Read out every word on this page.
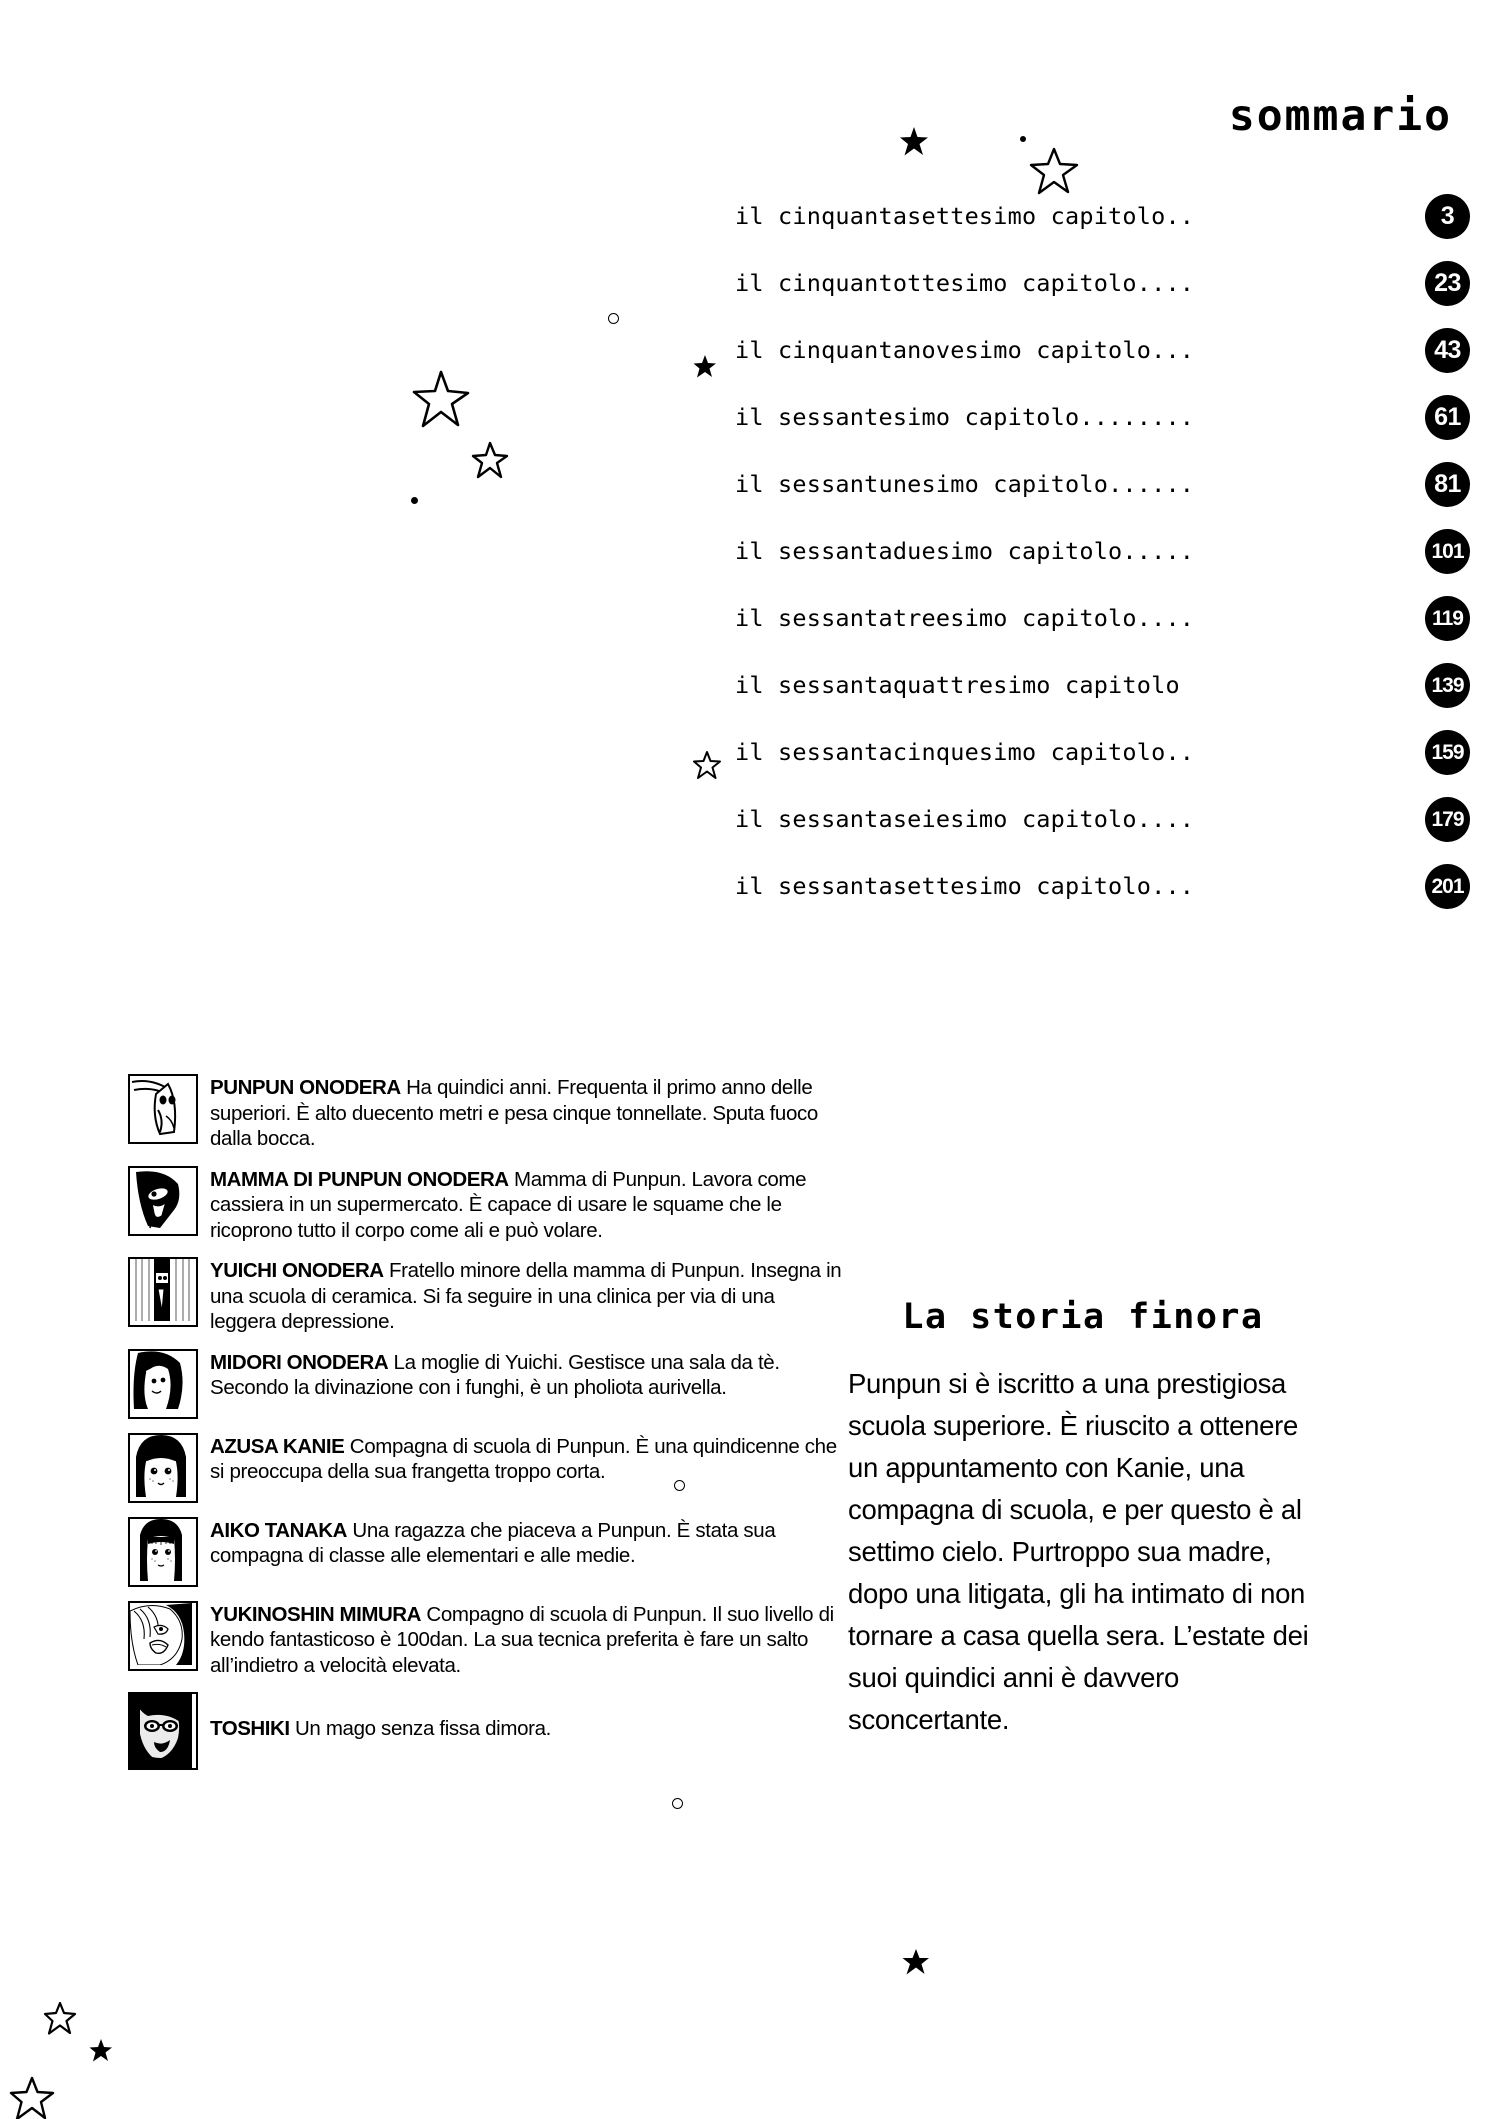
sommario
il cinquantasettesimo capitolo ..	3
il cinquantottesimo capitolo ....	23
il cinquantanovesimo capitolo ...	43
il sessantesimo capitolo ........	61
il sessantunesimo capitolo ......	81
il sessantaduesimo capitolo .....	101
il sessantatreesimo capitolo ....	119
il sessantaquattresimo capitolo	139
il sessantacinquesimo capitolo ..	159
il sessantaseiesimo capitolo ....	179
il sessantasettesimo capitolo ...	201
PUNPUN ONODERA Ha quindici anni. Frequenta il primo anno delle superiori. È alto duecento metri e pesa cinque tonnellate. Sputa fuoco dalla bocca.
MAMMA DI PUNPUN ONODERA Mamma di Punpun. Lavora come cassiera in un supermercato. È capace di usare le squame che le ricoprono tutto il corpo come ali e può volare.
YUICHI ONODERA Fratello minore della mamma di Punpun. Insegna in una scuola di ceramica. Si fa seguire in una clinica per via di una leggera depressione.
MIDORI ONODERA La moglie di Yuichi. Gestisce una sala da tè. Secondo la divinazione con i funghi, è un pholiota aurivella.
AZUSA KANIE Compagna di scuola di Punpun. È una quindicenne che si preoccupa della sua frangetta troppo corta.
AIKO TANAKA Una ragazza che piaceva a Punpun. È stata sua compagna di classe alle elementari e alle medie.
YUKINOSHIN MIMURA Compagno di scuola di Punpun. Il suo livello di kendo fantasticoso è 100dan. La sua tecnica preferita è fare un salto all’indietro a velocità elevata.
TOSHIKI Un mago senza fissa dimora.
La storia finora

Punpun si è iscritto a una prestigiosa scuola superiore. È riuscito a ottenere un appuntamento con Kanie, una compagna di scuola, e per questo è al settimo cielo. Purtroppo sua madre, dopo una litigata, gli ha intimato di non tornare a casa quella sera. L’estate dei suoi quindici anni è davvero sconcertante.
